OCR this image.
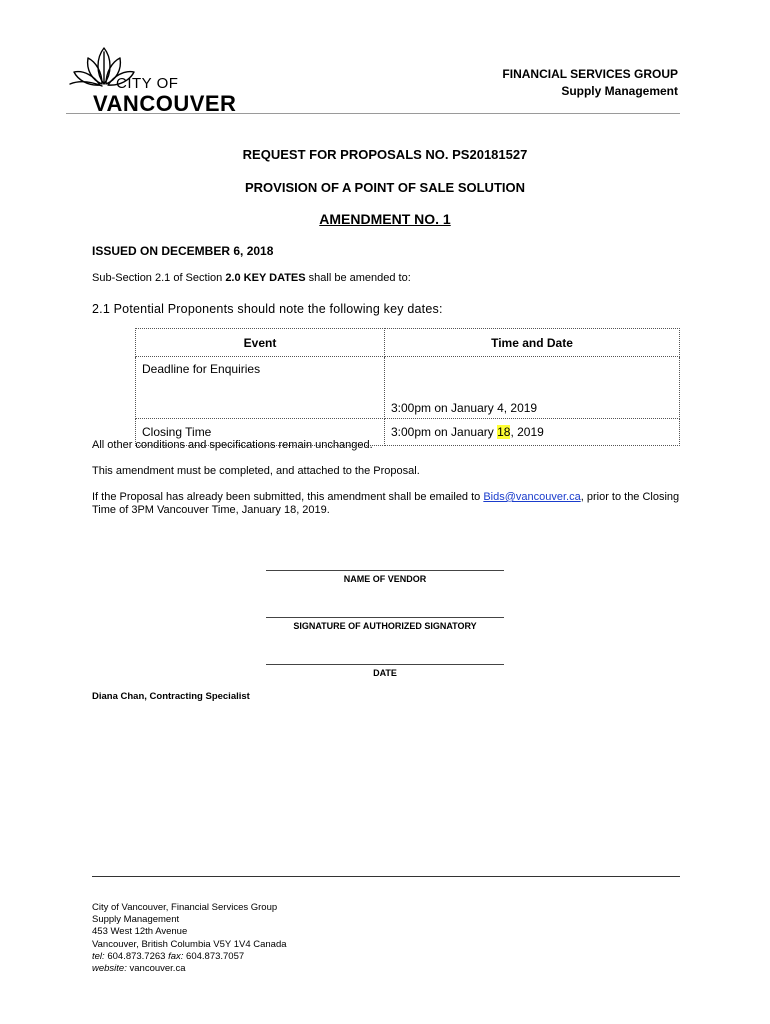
CITY OF
VANCOUVER
FINANCIAL SERVICES GROUP
Supply Management
REQUEST FOR PROPOSALS NO. PS20181527
PROVISION OF A POINT OF SALE SOLUTION
AMENDMENT NO. 1
ISSUED ON DECEMBER 6, 2018
Sub-Section 2.1 of Section 2.0 KEY DATES shall be amended to:
2.1 Potential Proponents should note the following key dates:
Event	Time and Date
Deadline for Enquiries	3:00pm on January 4, 2019
Closing Time	3:00pm on January 18, 2019
All other conditions and specifications remain unchanged.
This amendment must be completed, and attached to the Proposal.
If the Proposal has already been submitted, this amendment shall be emailed to Bids@vancouver.ca, prior to the Closing Time of 3PM Vancouver Time, January 18, 2019.
NAME OF VENDOR
SIGNATURE OF AUTHORIZED SIGNATORY
DATE
Diana Chan, Contracting Specialist
City of Vancouver, Financial Services Group
Supply Management
453 West 12th Avenue
Vancouver, British Columbia V5Y 1V4 Canada
tel: 604.873.7263 fax: 604.873.7057
website: vancouver.ca
